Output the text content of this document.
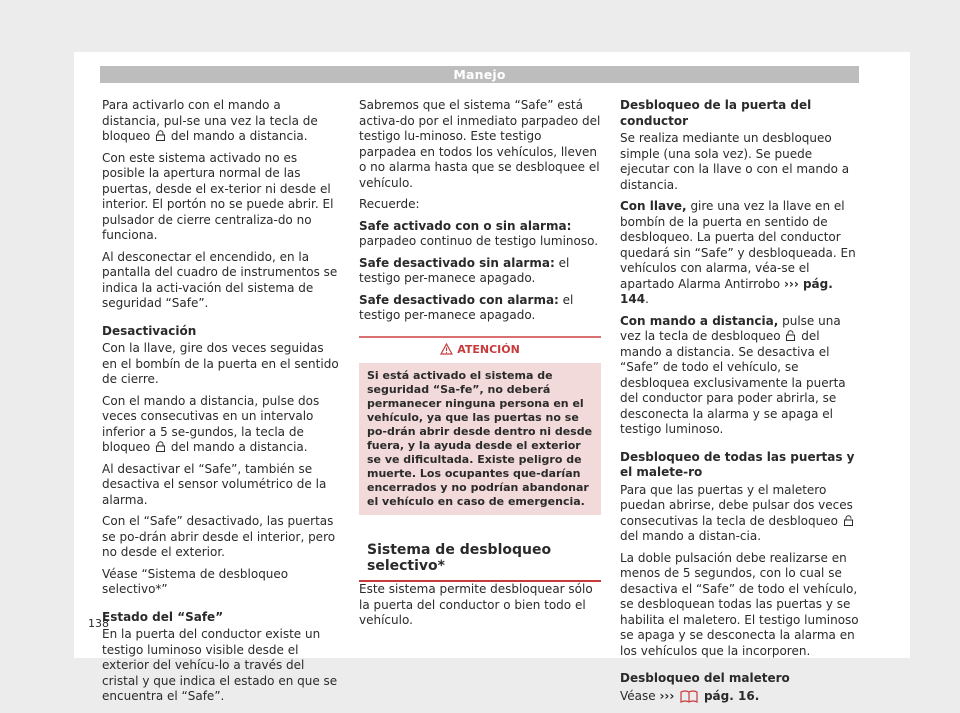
Manejo

Para activarlo con el mando a distancia, pul-se una vez la tecla de bloqueo
del mando a distancia.

Con este sistema activado no es posible la apertura normal de las puertas, desde el ex-terior ni desde el interior. El portón no se puede abrir. El pulsador de cierre centraliza-do no funciona.

Al desconectar el encendido, en la pantalla del cuadro de instrumentos se indica la acti-vación del sistema de seguridad “Safe”.

Desactivación

Con la llave, gire dos veces seguidas en el bombín de la puerta en el sentido de cierre.

Con el mando a distancia, pulse dos veces consecutivas en un intervalo inferior a 5 se-gundos, la tecla de bloqueo
del mando a distancia.

Al desactivar el “Safe”, también se desactiva el sensor volumétrico de la alarma.

Con el “Safe” desactivado, las puertas se po-drán abrir desde el interior, pero no desde el exterior.

Véase “Sistema de desbloqueo selectivo*”

Estado del “Safe”

En la puerta del conductor existe un testigo luminoso visible desde el exterior del vehícu-lo a través del cristal y que indica el estado en que se encuentra el “Safe”.

Sabremos que el sistema “Safe” está activa-do por el inmediato parpadeo del testigo lu-minoso. Este testigo parpadea en todos los vehículos, lleven o no alarma hasta que se desbloquee el vehículo.

Recuerde:

Safe activado con o sin alarma: parpadeo continuo de testigo luminoso.

Safe desactivado sin alarma: el testigo per-manece apagado.

Safe desactivado con alarma: el testigo per-manece apagado.

ATENCIÓN
Si está activado el sistema de seguridad “Sa-fe”, no deberá permanecer ninguna persona en el vehículo, ya que las puertas no se po-drán abrir desde dentro ni desde fuera, y la ayuda desde el exterior se ve dificultada. Existe peligro de muerte. Los ocupantes que-darían encerrados y no podrían abandonar el vehículo en caso de emergencia.
Sistema de desbloqueo selectivo*

Este sistema permite desbloquear sólo la puerta del conductor o bien todo el vehículo.

Desbloqueo de la puerta del conductor

Se realiza mediante un desbloqueo simple (una sola vez). Se puede ejecutar con la llave o con el mando a distancia.

Con llave, gire una vez la llave en el bombín de la puerta en sentido de desbloqueo. La puerta del conductor quedará sin “Safe” y desbloqueada. En vehículos con alarma, véa-se el apartado Alarma Antirrobo ››› pág. 144.

Con mando a distancia, pulse una vez la tecla de desbloqueo
del mando a distancia. Se desactiva el “Safe” de todo el vehículo, se desbloquea exclusivamente la puerta del conductor para poder abrirla, se desconecta la alarma y se apaga el testigo luminoso.

Desbloqueo de todas las puertas y el malete-ro

Para que las puertas y el maletero puedan abrirse, debe pulsar dos veces consecutivas la tecla de desbloqueo
del mando a distan-cia.

La doble pulsación debe realizarse en menos de 5 segundos, con lo cual se desactiva el “Safe” de todo el vehículo, se desbloquean todas las puertas y se habilita el maletero. El testigo luminoso se apaga y se desconecta la alarma en los vehículos que la incorporen.

Desbloqueo del maletero

Véase ››› pág. 16.

138
